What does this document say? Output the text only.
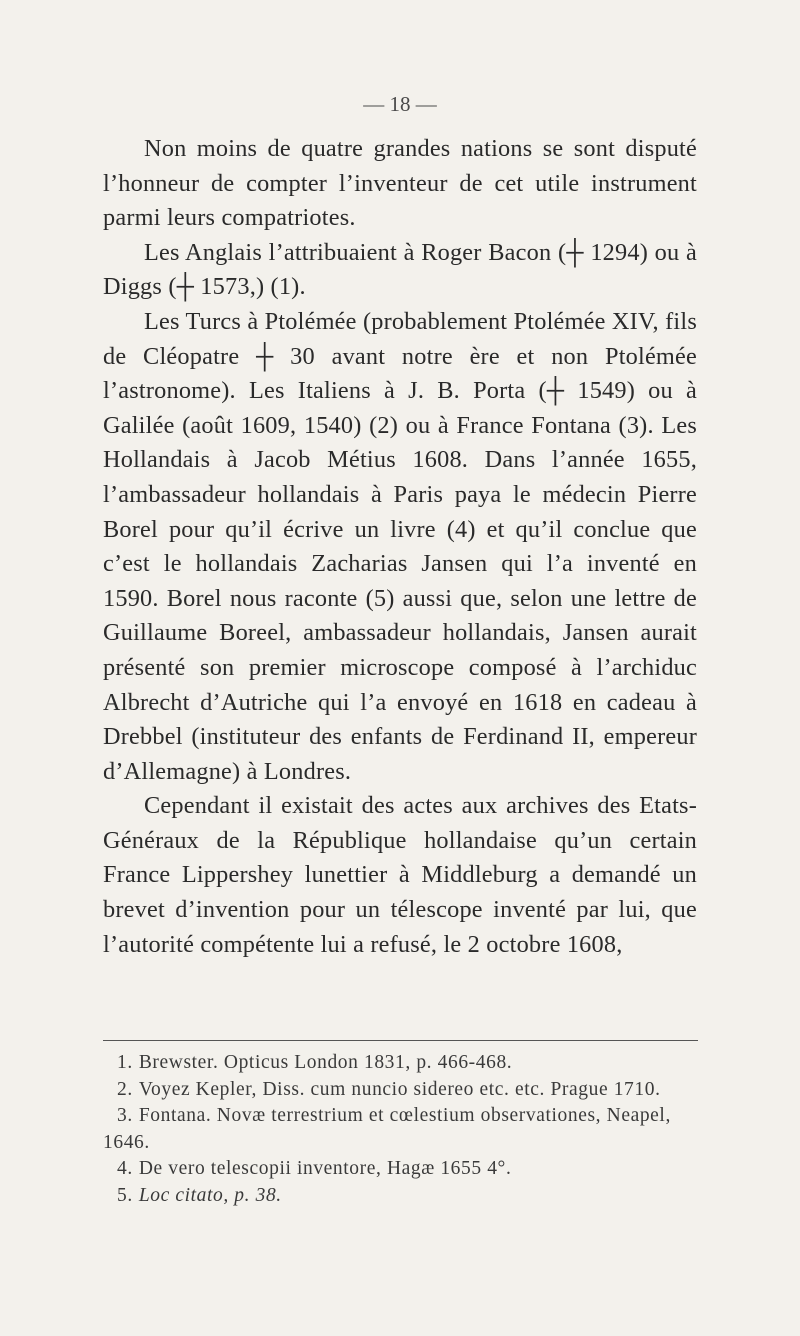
— 18 —

Non moins de quatre grandes nations se sont disputé l’honneur de compter l’inventeur de cet utile instrument parmi leurs compatriotes.

Les Anglais l’attribuaient à Roger Bacon (┼ 1294) ou à Diggs (┼ 1573,) (1).

Les Turcs à Ptolémée (probablement Ptolémée XIV, fils de Cléopatre ┼ 30 avant notre ère et non Ptolémée l’astronome). Les Italiens à J. B. Porta (┼ 1549) ou à Galilée (août 1609, 1540) (2) ou à France Fontana (3). Les Hollandais à Jacob Métius 1608. Dans l’année 1655, l’ambassadeur hollandais à Paris paya le médecin Pierre Borel pour qu’il écrive un livre (4) et qu’il conclue que c’est le hollandais Zacharias Jansen qui l’a inventé en 1590. Borel nous raconte (5) aussi que, selon une lettre de Guillaume Boreel, ambassadeur hollandais, Jansen aurait présenté son premier microscope composé à l’archiduc Albrecht d’Autriche qui l’a envoyé en 1618 en cadeau à Drebbel (instituteur des enfants de Ferdinand II, empereur d’Allemagne) à Londres.

Cependant il existait des actes aux archives des Etats-Généraux de la République hollandaise qu’un certain France Lippershey lunettier à Middleburg a demandé un brevet d’invention pour un télescope inventé par lui, que l’autorité compétente lui a refusé, le 2 octobre 1608,

1. Brewster. Opticus London 1831, p. 466-468.

2. Voyez Kepler, Diss. cum nuncio sidereo etc. etc. Prague 1710.

3. Fontana. Novæ terrestrium et cœlestium observationes, Neapel, 1646.

4. De vero telescopii inventore, Hagæ 1655 4°.

5. Loc citato, p. 38.
